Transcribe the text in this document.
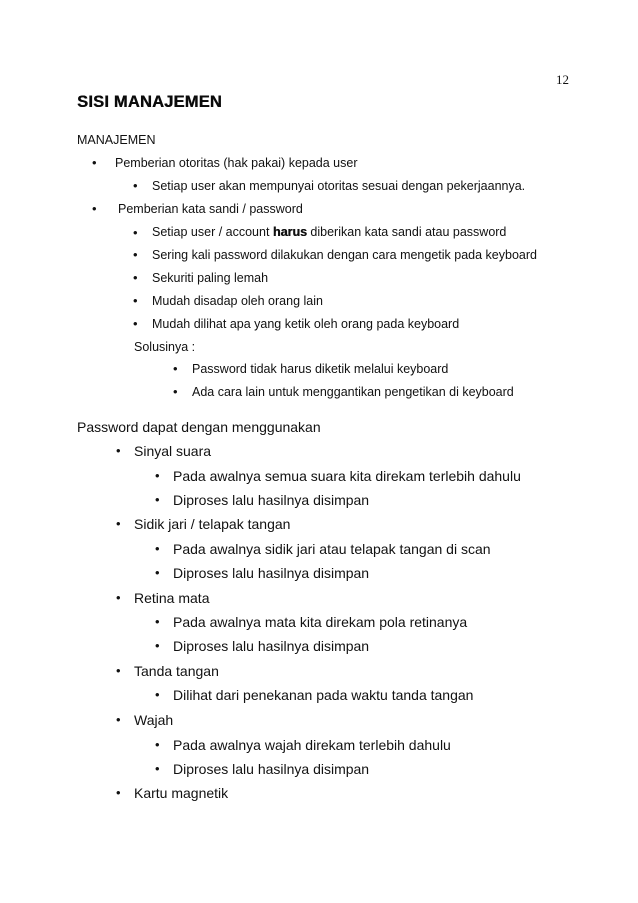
12
SISI MANAJEMEN
MANAJEMEN
• Pemberian otoritas (hak pakai) kepada user
• Setiap user akan mempunyai otoritas sesuai dengan pekerjaannya.
• Pemberian kata sandi / password
• Setiap user / account harus diberikan kata sandi atau password
• Sering kali password dilakukan dengan cara mengetik pada keyboard
• Sekuriti paling lemah
• Mudah disadap oleh orang lain
• Mudah dilihat apa yang ketik oleh orang pada keyboard
Solusinya :
• Password tidak harus diketik melalui keyboard
• Ada cara lain untuk menggantikan pengetikan di keyboard
Password dapat dengan menggunakan
• Sinyal suara
• Pada awalnya semua suara kita direkam terlebih dahulu
• Diproses lalu hasilnya disimpan
• Sidik jari / telapak tangan
• Pada awalnya sidik jari atau telapak tangan di scan
• Diproses lalu hasilnya disimpan
• Retina mata
• Pada awalnya mata kita direkam pola retinanya
• Diproses lalu hasilnya disimpan
• Tanda tangan
• Dilihat dari penekanan pada waktu tanda tangan
• Wajah
• Pada awalnya wajah direkam terlebih dahulu
• Diproses lalu hasilnya disimpan
• Kartu magnetik
